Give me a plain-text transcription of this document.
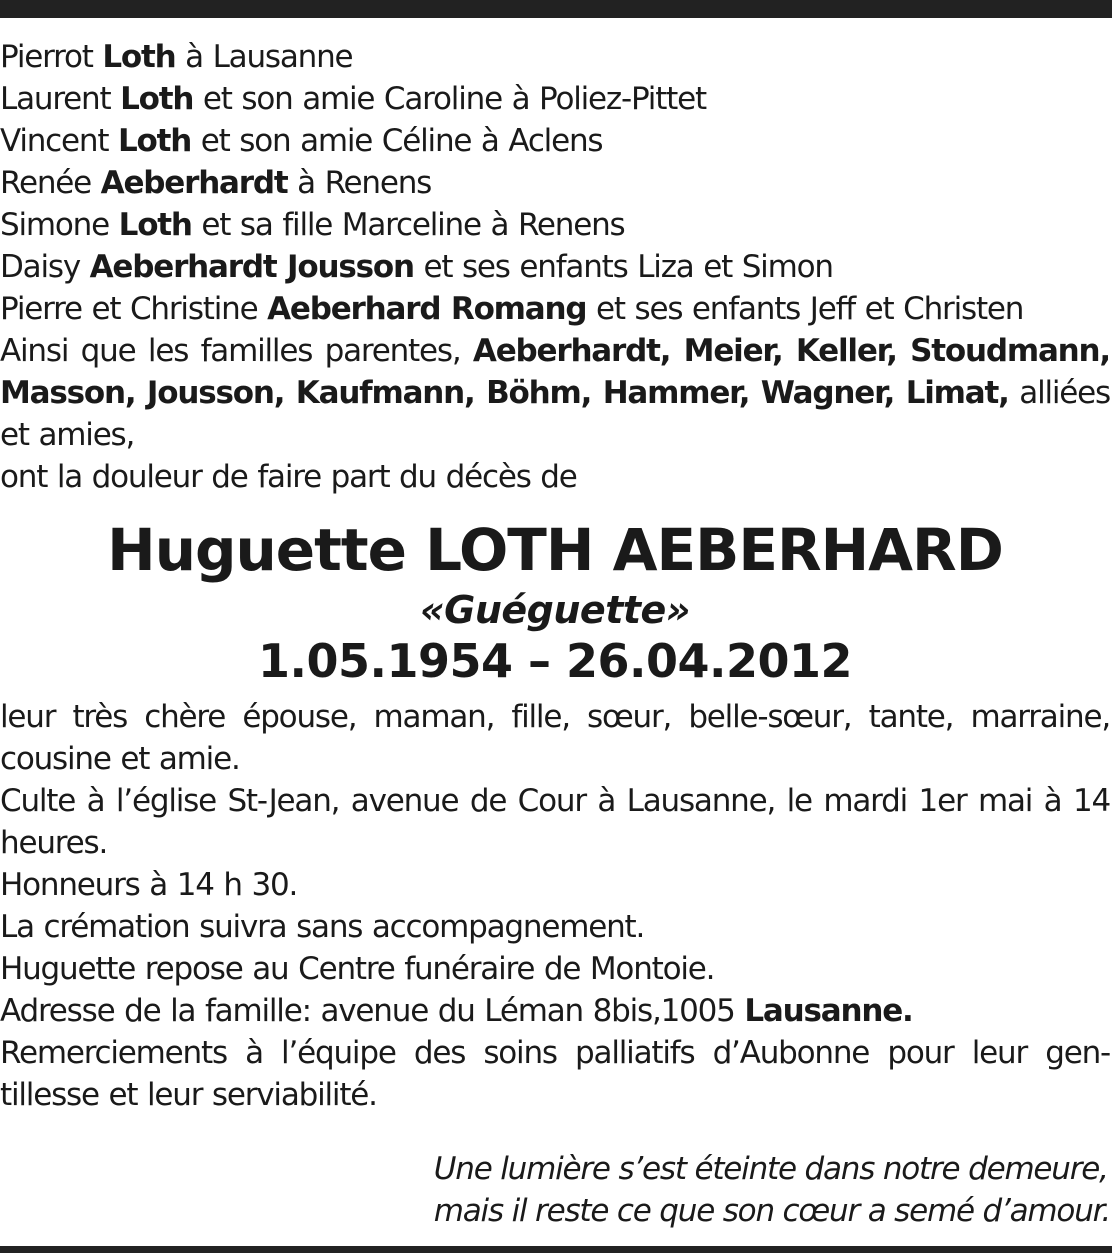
Pierrot Loth à Lausanne
Laurent Loth et son amie Caroline à Poliez-Pittet
Vincent Loth et son amie Céline à Aclens
Renée Aeberhardt à Renens
Simone Loth et sa fille Marceline à Renens
Daisy Aeberhardt Jousson et ses enfants Liza et Simon
Pierre et Christine Aeberhard Romang et ses enfants Jeff et Christen
Ainsi que les familles parentes, Aeberhardt, Meier, Keller, Stoudmann, Masson, Jousson, Kaufmann, Böhm, Hammer, Wagner, Limat, alliées et amies,
ont la douleur de faire part du décès de
Huguette LOTH AEBERHARD
«Guéguette»
1.05.1954 – 26.04.2012
leur très chère épouse, maman, fille, sœur, belle-sœur, tante, marraine, cousine et amie.
Culte à l’église St-Jean, avenue de Cour à Lausanne, le mardi 1er mai à 14 heures.
Honneurs à 14 h 30.
La crémation suivra sans accompagnement.
Huguette repose au Centre funéraire de Montoie.
Adresse de la famille: avenue du Léman 8bis,1005 Lausanne.
Remerciements à l’équipe des soins palliatifs d’Aubonne pour leur gen-tillesse et leur serviabilité.
Une lumière s’est éteinte dans notre demeure,
mais il reste ce que son cœur a semé d’amour.
